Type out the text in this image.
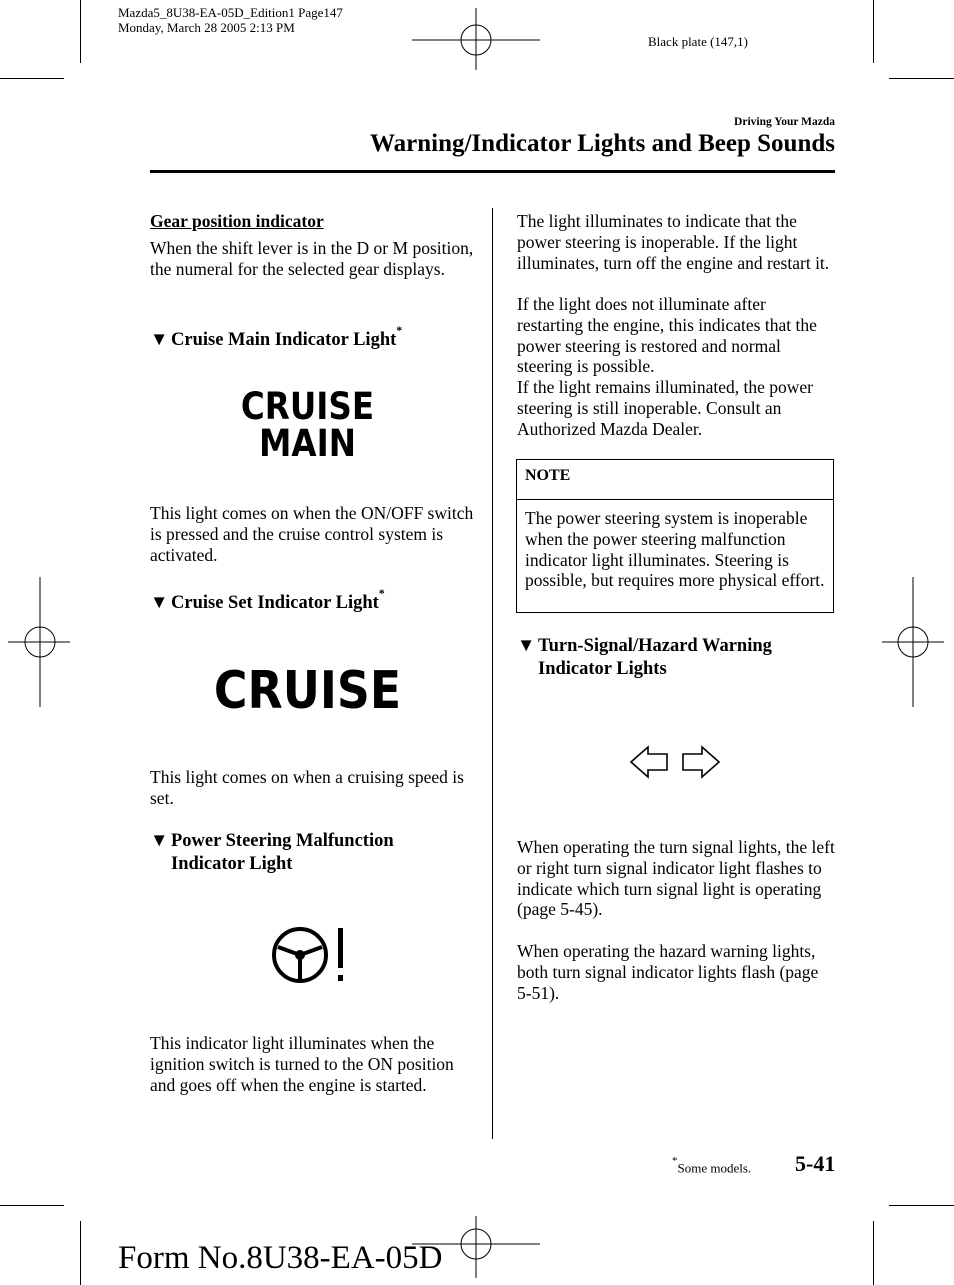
Mazda5_8U38-EA-05D_Edition1 Page147
Monday, March 28 2005 2:13 PM
Black plate (147,1)
Driving Your Mazda
Warning/Indicator Lights and Beep Sounds
Gear position indicator
When the shift lever is in the D or M position, the numeral for the selected gear displays.
▼ Cruise Main Indicator Light*
CRUISE
MAIN
This light comes on when the ON/OFF switch is pressed and the cruise control system is activated.
▼ Cruise Set Indicator Light*
CRUISE
This light comes on when a cruising speed is set.
▼ Power Steering Malfunction
Indicator Light
This indicator light illuminates when the ignition switch is turned to the ON position and goes off when the engine is started.
The light illuminates to indicate that the power steering is inoperable. If the light illuminates, turn off the engine and restart it.
If the light does not illuminate after restarting the engine, this indicates that the power steering is restored and normal steering is possible.
If the light remains illuminated, the power steering is still inoperable. Consult an Authorized Mazda Dealer.
NOTE
The power steering system is inoperable when the power steering malfunction indicator light illuminates. Steering is possible, but requires more physical effort.
▼ Turn-Signal/Hazard Warning
Indicator Lights
When operating the turn signal lights, the left or right turn signal indicator light flashes to indicate which turn signal light is operating (page 5-45).
When operating the hazard warning lights, both turn signal indicator lights flash (page 5-51).
*Some models. 5-41
Form No.8U38-EA-05D
